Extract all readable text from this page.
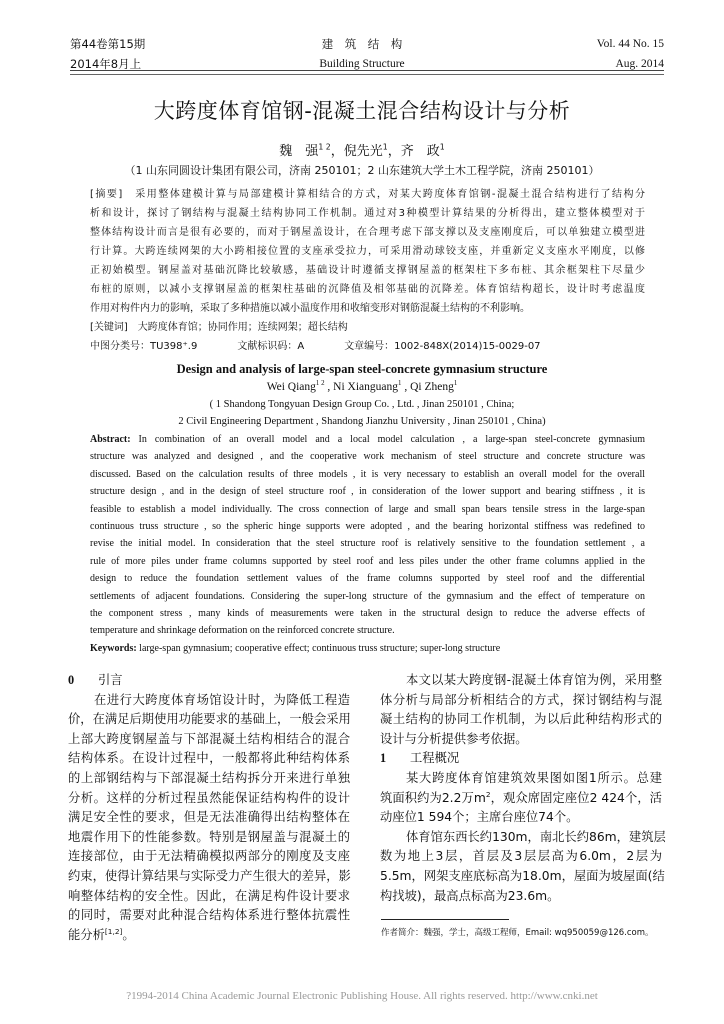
第44卷第15期
2014年8月上
建　筑　结　构
Building Structure
Vol. 44 No. 15
Aug. 2014
大跨度体育馆钢-混凝土混合结构设计与分析
魏　强$^{1 2}$，倪先光$^1$，齐　政$^1$
（1 山东同圆设计集团有限公司，济南 250101；2 山东建筑大学土木工程学院，济南 250101）
[摘要]　采用整体建模计算与局部建模计算相结合的方式，对某大跨度体育馆钢-混凝土混合结构进行了结构分
析和设计，探讨了钢结构与混凝土结构协同工作机制。通过对3种模型计算结果的分析得出，建立整体模型对于
整体结构设计而言是很有必要的，而对于钢屋盖设计，在合理考虑下部支撑以及支座刚度后，可以单独建立模型进
行计算。大跨连续网架的大小跨相接位置的支座承受拉力，可采用滑动球铰支座，并重新定义支座水平刚度，以修
正初始模型。钢屋盖对基础沉降比较敏感，基础设计时遵循支撑钢屋盖的框架柱下多布桩、其余框架柱下尽量少
布桩的原则，以减小支撑钢屋盖的框架柱基础的沉降值及相邻基础的沉降差。体育馆结构超长，设计时考虑温度
作用对构件内力的影响，采取了多种措施以减小温度作用和收缩变形对钢筋混凝土结构的不利影响。
[关键词]　大跨度体育馆；协同作用；连续网架；超长结构
中图分类号：TU398⁺.9	文献标识码：A	文章编号：1002-848X(2014)15-0029-07
Design and analysis of large-span steel-concrete gymnasium structure
Wei Qiang$^{1 2}$ , Ni Xianguang$^1$ , Qi Zheng$^1$
( 1 Shandong Tongyuan Design Group Co. , Ltd. , Jinan 250101 , China;
2 Civil Engineering Department , Shandong Jianzhu University , Jinan 250101 , China)
Abstract: In combination of an overall model and a local model calculation , a large-span steel-concrete gymnasium
structure was analyzed and designed , and the cooperative work mechanism of steel structure and concrete structure was
discussed. Based on the calculation results of three models , it is very necessary to establish an overall model for the overall
structure design , and in the design of steel structure roof , in consideration of the lower support and bearing stiffness , it is
feasible to establish a model individually. The cross connection of large and small span bears tensile stress in the large-span
continuous truss structure , so the spheric hinge supports were adopted , and the bearing horizontal stiffness was redefined to
revise the initial model. In consideration that the steel structure roof is relatively sensitive to the foundation settlement , a
rule of more piles under frame columns supported by steel roof and less piles under the other frame columns applied in the
design to reduce the foundation settlement values of the frame columns supported by steel roof and the differential
settlements of adjacent foundations. Considering the super-long structure of the gymnasium and the effect of temperature on
the component stress , many kinds of measurements were taken in the structural design to reduce the adverse effects of
temperature and shrinkage deformation on the reinforced concrete structure.
Keywords: large-span gymnasium; cooperative effect; continuous truss structure; super-long structure
0	引言
在进行大跨度体育场馆设计时，为降低工程造
价，在满足后期使用功能要求的基础上，一般会采用
上部大跨度钢屋盖与下部混凝土结构相结合的混合
结构体系。在设计过程中，一般都将此种结构体系
的上部钢结构与下部混凝土结构拆分开来进行单独
分析。这样的分析过程虽然能保证结构构件的设计
满足安全性的要求，但是无法准确得出结构整体在
地震作用下的性能参数。特别是钢屋盖与混凝土的
连接部位，由于无法精确模拟两部分的刚度及支座
约束，使得计算结果与实际受力产生很大的差异，影
响整体结构的安全性。因此，在满足构件设计要求
的同时，需要对此种混合结构体系进行整体抗震性
能分析[1,2]。
本文以某大跨度钢-混凝土体育馆为例，采用整
体分析与局部分析相结合的方式，探讨钢结构与混
凝土结构的协同工作机制，为以后此种结构形式的
设计与分析提供参考依据。
1	工程概况
某大跨度体育馆建筑效果图如图1所示。总建
筑面积约为2.2万$m^2$，观众席固定座位2 424个，活
动座位1 594个；主席台座位74个。
体育馆东西长约130m，南北长约86m，建筑层
数为地上3层，首层及3层层高为6.0m，2层为
5.5m，网架支座底标高为18.0m，屋面为坡屋面(结
构找坡)，最高点标高为23.6m。
作者简介：魏强，学士，高级工程师，Email: wq950059@126.com。
?1994-2014 China Academic Journal Electronic Publishing House. All rights reserved. http://www.cnki.net
